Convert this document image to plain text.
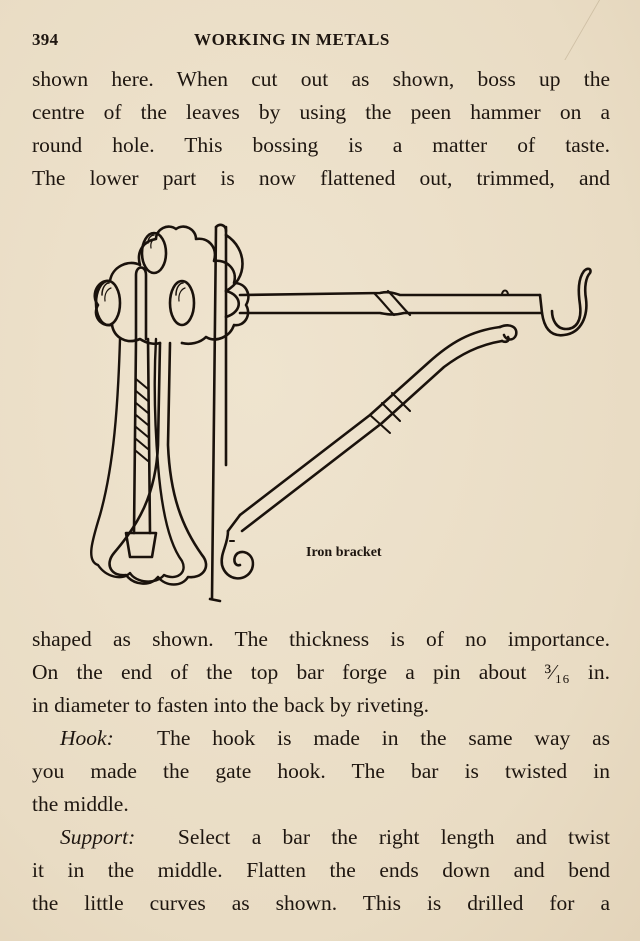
394	WORKING IN METALS
shown here. When cut out as shown, boss up the
centre of the leaves by using the peen hammer on a
round hole. This bossing is a matter of taste.
The lower part is now flattened out, trimmed, and
Iron bracket
shaped as shown. The thickness is of no importance.
On the end of the top bar forge a pin about ³⁄₁₆ in.
in diameter to fasten into the back by riveting.
Hook:  The hook is made in the same way as
you made the gate hook. The bar is twisted in
the middle.
Support:  Select a bar the right length and twist
it in the middle. Flatten the ends down and bend
the little curves as shown. This is drilled for a
